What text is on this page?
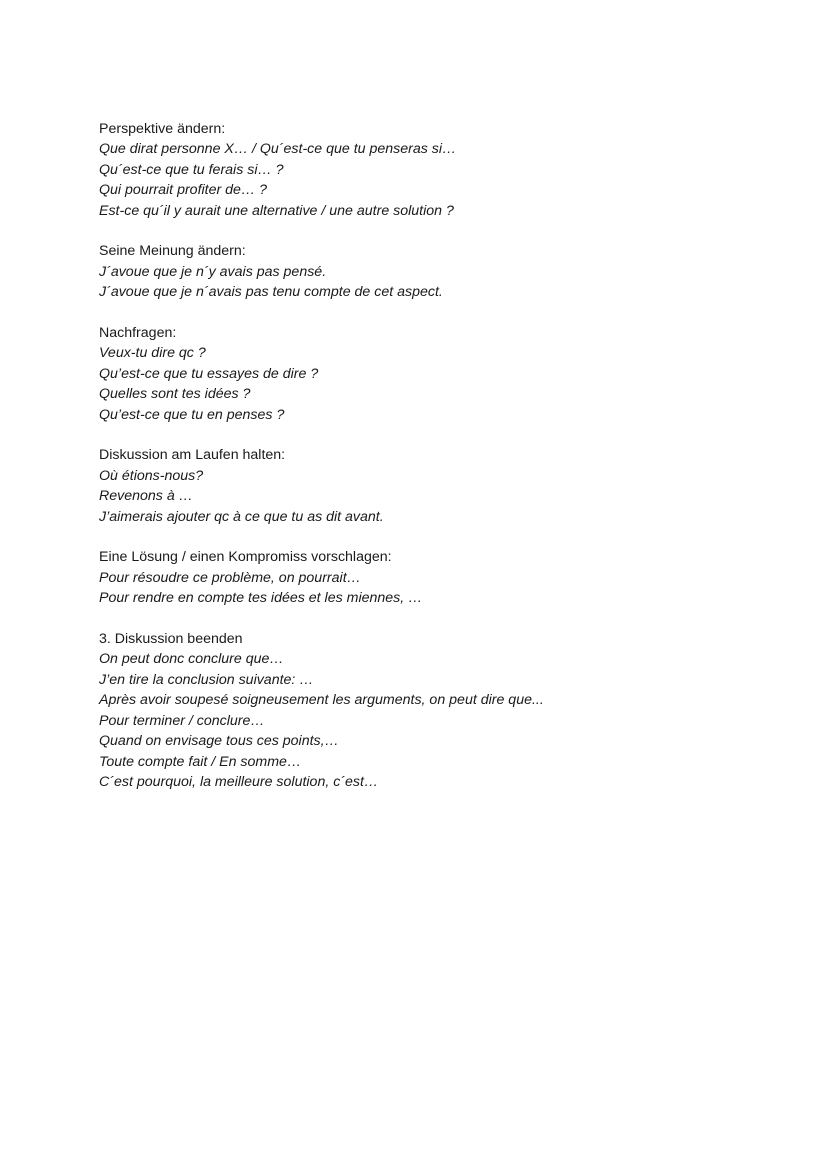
Perspektive ändern:
Que dirat personne X… / Qu´est-ce que tu penseras si…
Qu´est-ce que tu ferais si… ?
Qui pourrait profiter de… ?
Est-ce qu´il y aurait une alternative / une autre solution ?
Seine Meinung ändern:
J´avoue que je n´y avais pas pensé.
J´avoue que je n´avais pas tenu compte de cet aspect.
Nachfragen:
Veux-tu dire qc ?
Qu’est-ce que tu essayes de dire ?
Quelles sont tes idées ?
Qu’est-ce que tu en penses ?
Diskussion am Laufen halten:
Où étions-nous?
Revenons à …
J’aimerais ajouter qc à ce que tu as dit avant.
Eine Lösung / einen Kompromiss vorschlagen:
Pour résoudre ce problème, on pourrait…
Pour rendre en compte tes idées et les miennes, …
3. Diskussion beenden
On peut donc conclure que…
J’en tire la conclusion suivante: …
Après avoir soupesé soigneusement les arguments, on peut dire que...
Pour terminer / conclure…
Quand on envisage tous ces points,…
Toute compte fait / En somme…
C´est pourquoi, la meilleure solution, c´est…
